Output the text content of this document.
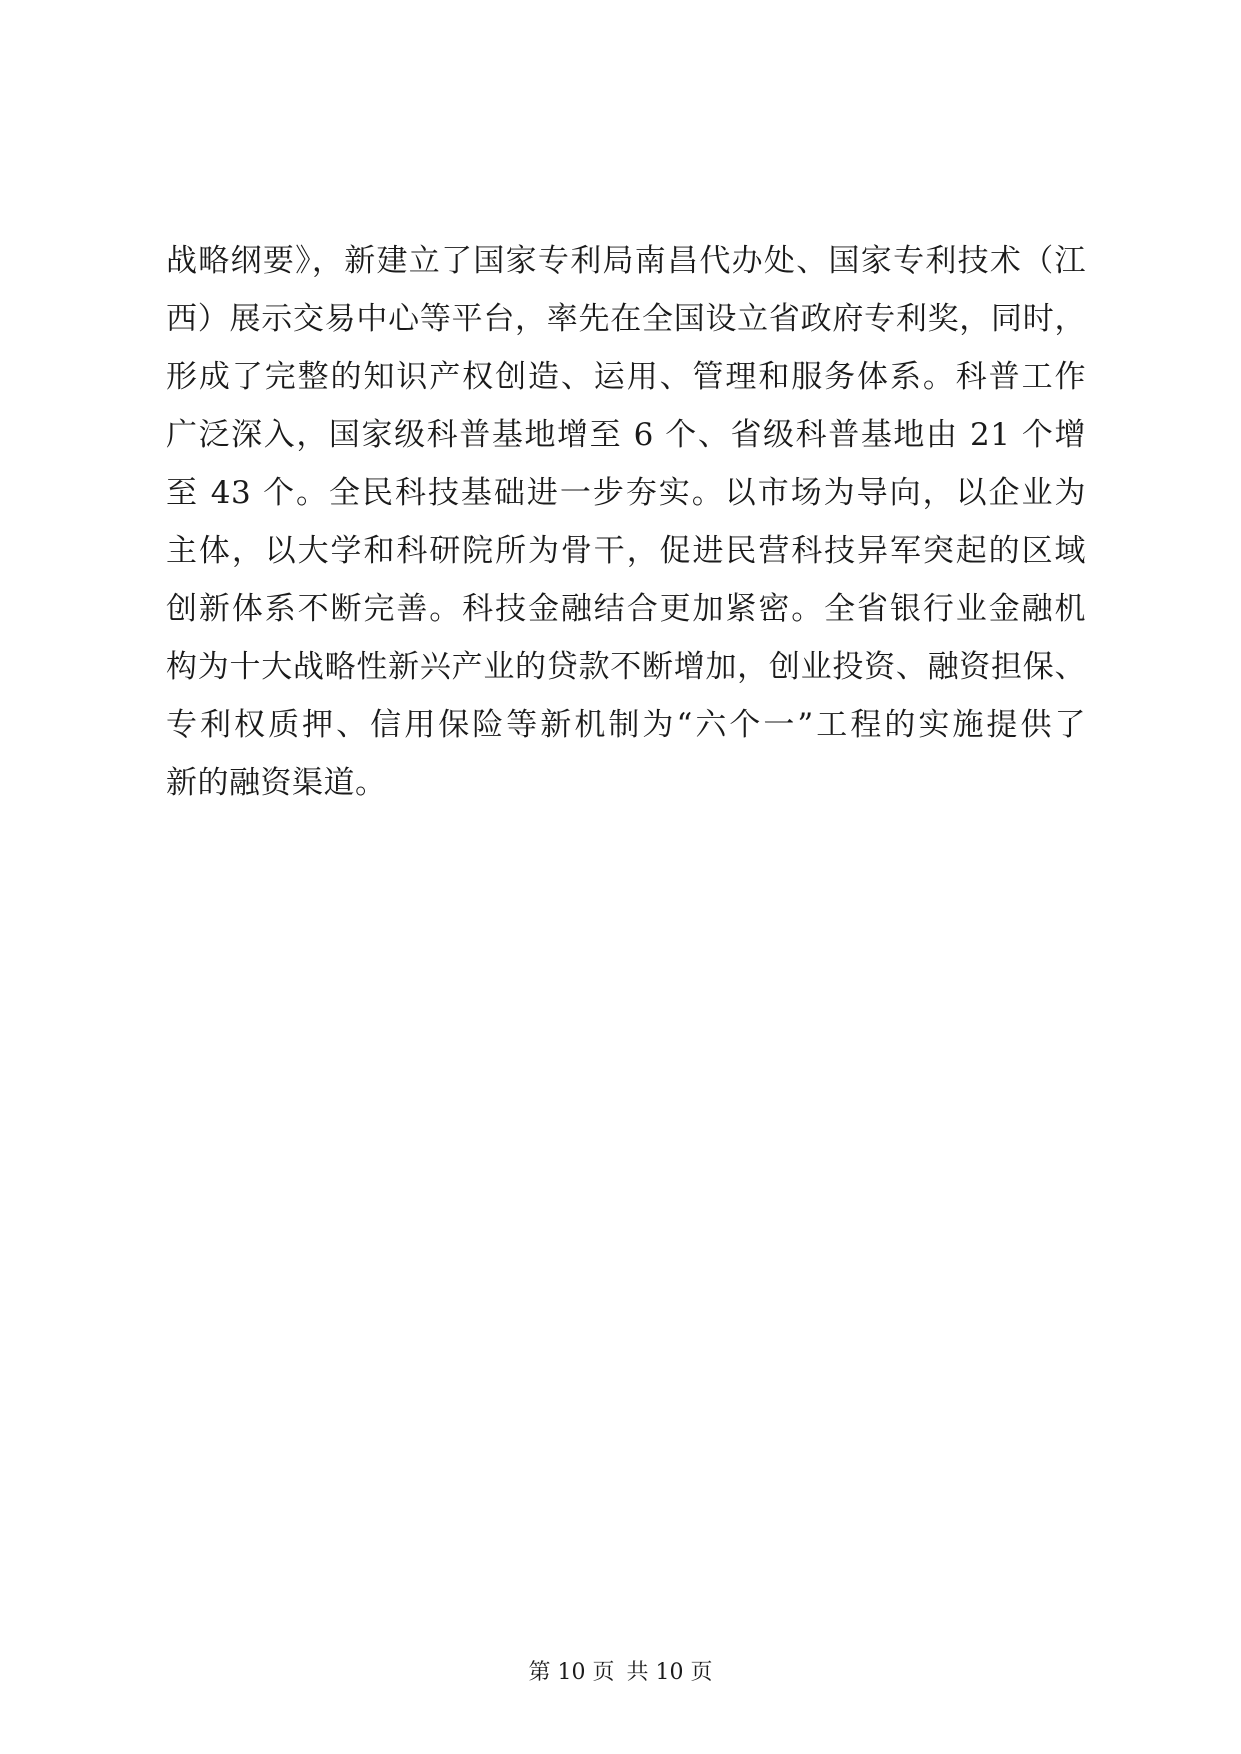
战略纲要》，新建立了国家专利局南昌代办处、国家专利技术（江
西）展示交易中心等平台，率先在全国设立省政府专利奖，同时，
形成了完整的知识产权创造、运用、管理和服务体系。科普工作
广泛深入，国家级科普基地增至 6 个、省级科普基地由 21 个增
至 43 个。全民科技基础进一步夯实。以市场为导向，以企业为
主体，以大学和科研院所为骨干，促进民营科技异军突起的区域
创新体系不断完善。科技金融结合更加紧密。全省银行业金融机
构为十大战略性新兴产业的贷款不断增加，创业投资、融资担保、
专利权质押、信用保险等新机制为“六个一”工程的实施提供了
新的融资渠道。
第 10 页 共 10 页
